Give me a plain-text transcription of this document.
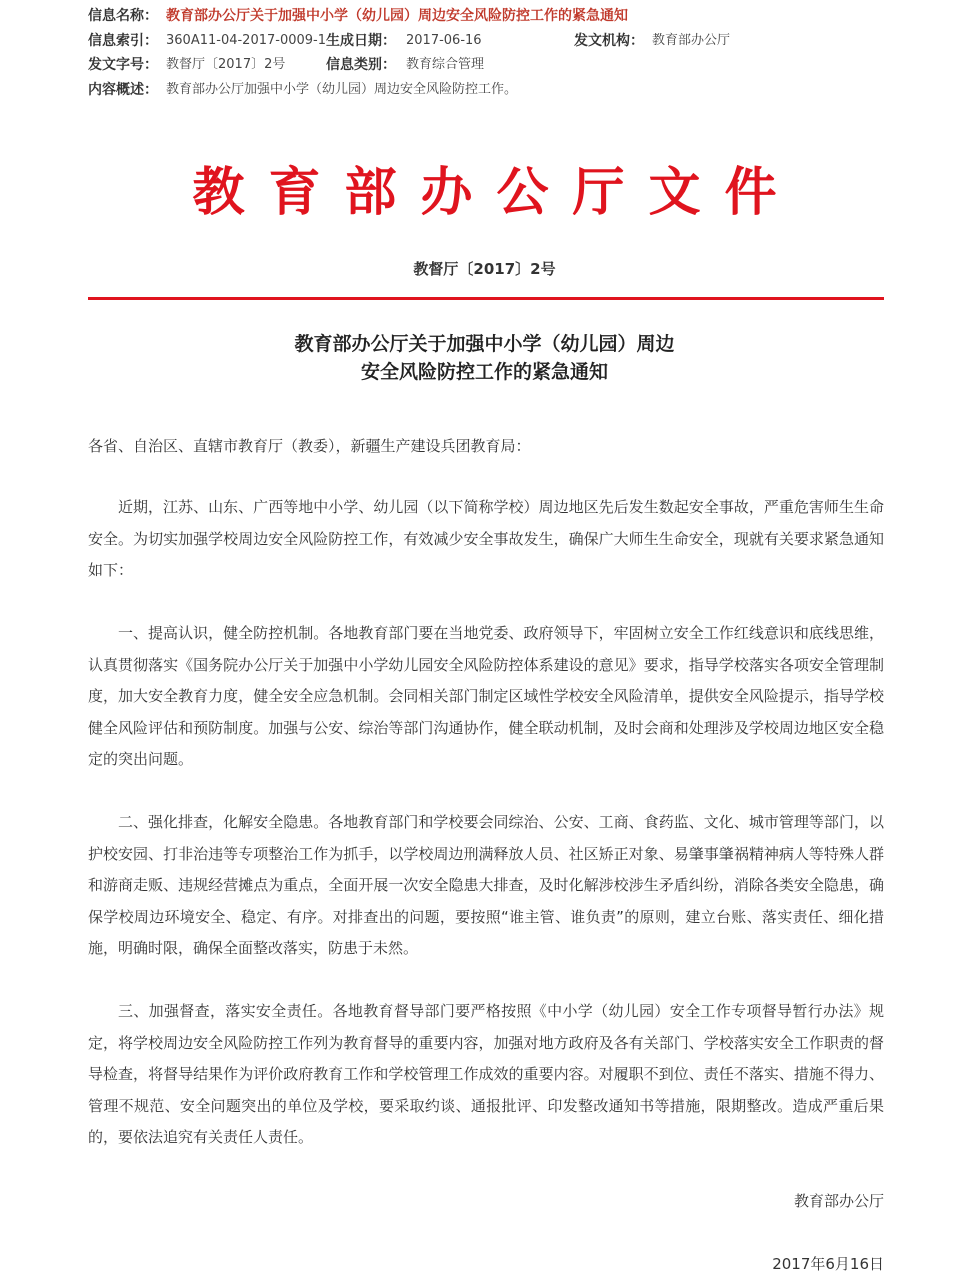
信息名称： 教育部办公厅关于加强中小学（幼儿园）周边安全风险防控工作的紧急通知
信息索引： 360A11-04-2017-0009-1 生成日期： 2017-06-16	发文机构： 教育部办公厅
发文字号： 教督厅〔2017〕2号	信息类别： 教育综合管理
内容概述： 教育部办公厅加强中小学（幼儿园）周边安全风险防控工作。
教育部办公厅文件
教督厅〔2017〕2号
教育部办公厅关于加强中小学（幼儿园）周边
安全风险防控工作的紧急通知
各省、自治区、直辖市教育厅（教委），新疆生产建设兵团教育局：

近期，江苏、山东、广西等地中小学、幼儿园（以下简称学校）周边地区先后发生数起安全事故，严重危害师生生命安全。为切实加强学校周边安全风险防控工作，有效减少安全事故发生，确保广大师生生命安全，现就有关要求紧急通知如下：

一、提高认识，健全防控机制。各地教育部门要在当地党委、政府领导下，牢固树立安全工作红线意识和底线思维，认真贯彻落实《国务院办公厅关于加强中小学幼儿园安全风险防控体系建设的意见》要求，指导学校落实各项安全管理制度，加大安全教育力度，健全安全应急机制。会同相关部门制定区域性学校安全风险清单，提供安全风险提示，指导学校健全风险评估和预防制度。加强与公安、综治等部门沟通协作，健全联动机制，及时会商和处理涉及学校周边地区安全稳定的突出问题。

二、强化排查，化解安全隐患。各地教育部门和学校要会同综治、公安、工商、食药监、文化、城市管理等部门，以护校安园、打非治违等专项整治工作为抓手，以学校周边刑满释放人员、社区矫正对象、易肇事肇祸精神病人等特殊人群和游商走贩、违规经营摊点为重点，全面开展一次安全隐患大排查，及时化解涉校涉生矛盾纠纷，消除各类安全隐患，确保学校周边环境安全、稳定、有序。对排查出的问题，要按照“谁主管、谁负责”的原则，建立台账、落实责任、细化措施，明确时限，确保全面整改落实，防患于未然。

三、加强督查，落实安全责任。各地教育督导部门要严格按照《中小学（幼儿园）安全工作专项督导暂行办法》规定，将学校周边安全风险防控工作列为教育督导的重要内容，加强对地方政府及各有关部门、学校落实安全工作职责的督导检查，将督导结果作为评价政府教育工作和学校管理工作成效的重要内容。对履职不到位、责任不落实、措施不得力、管理不规范、安全问题突出的单位及学校，要采取约谈、通报批评、印发整改通知书等措施，限期整改。造成严重后果的，要依法追究有关责任人责任。

教育部办公厅
2017年6月16日
